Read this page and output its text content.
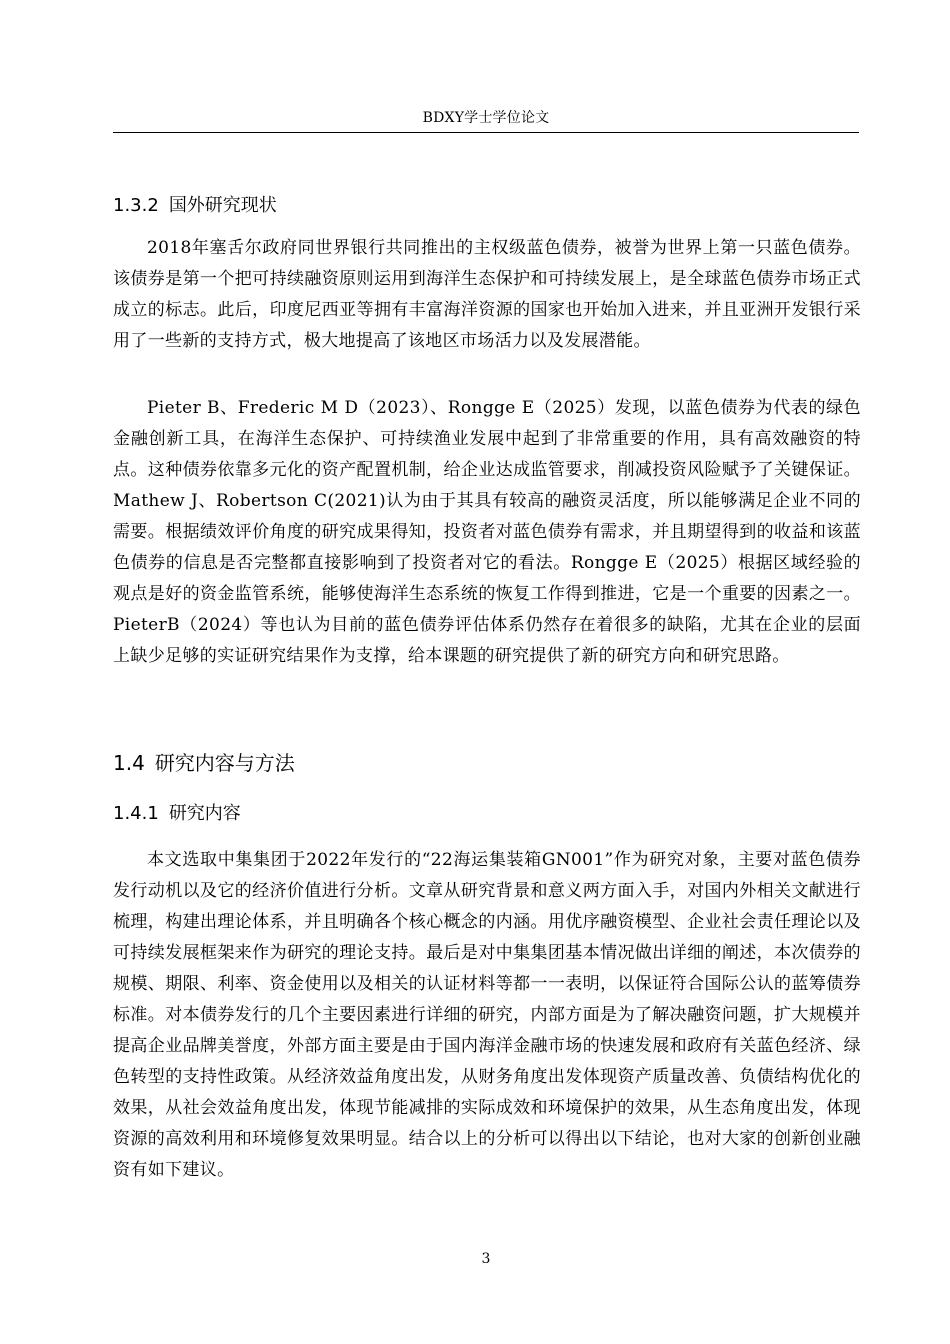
BDXY学士学位论文
1.3.2 国外研究现状

2018年塞舌尔政府同世界银行共同推出的主权级蓝色债券，被誉为世界上第一只蓝色债券。该债券是第一个把可持续融资原则运用到海洋生态保护和可持续发展上，是全球蓝色债券市场正式成立的标志。此后，印度尼西亚等拥有丰富海洋资源的国家也开始加入进来，并且亚洲开发银行采用了一些新的支持方式，极大地提高了该地区市场活力以及发展潜能。

Pieter B、Frederic M D（2023）、Rongge E（2025）发现，以蓝色债券为代表的绿色金融创新工具，在海洋生态保护、可持续渔业发展中起到了非常重要的作用，具有高效融资的特点。这种债券依靠多元化的资产配置机制，给企业达成监管要求，削减投资风险赋予了关键保证。Mathew J、Robertson C(2021)认为由于其具有较高的融资灵活度，所以能够满足企业不同的需要。根据绩效评价角度的研究成果得知，投资者对蓝色债券有需求，并且期望得到的收益和该蓝色债券的信息是否完整都直接影响到了投资者对它的看法。Rongge E（2025）根据区域经验的观点是好的资金监管系统，能够使海洋生态系统的恢复工作得到推进，它是一个重要的因素之一。PieterB（2024）等也认为目前的蓝色债券评估体系仍然存在着很多的缺陷，尤其在企业的层面上缺少足够的实证研究结果作为支撑，给本课题的研究提供了新的研究方向和研究思路。

1.4 研究内容与方法
1.4.1 研究内容

本文选取中集集团于2022年发行的“22海运集装箱GN001”作为研究对象，主要对蓝色债券发行动机以及它的经济价值进行分析。文章从研究背景和意义两方面入手，对国内外相关文献进行梳理，构建出理论体系，并且明确各个核心概念的内涵。用优序融资模型、企业社会责任理论以及可持续发展框架来作为研究的理论支持。最后是对中集集团基本情况做出详细的阐述，本次债券的规模、期限、利率、资金使用以及相关的认证材料等都一一表明，以保证符合国际公认的蓝筹债券标准。对本债券发行的几个主要因素进行详细的研究，内部方面是为了解决融资问题，扩大规模并提高企业品牌美誉度，外部方面主要是由于国内海洋金融市场的快速发展和政府有关蓝色经济、绿色转型的支持性政策。从经济效益角度出发，从财务角度出发体现资产质量改善、负债结构优化的效果，从社会效益角度出发，体现节能减排的实际成效和环境保护的效果，从生态角度出发，体现资源的高效利用和环境修复效果明显。结合以上的分析可以得出以下结论，也对大家的创新创业融资有如下建议。

3
